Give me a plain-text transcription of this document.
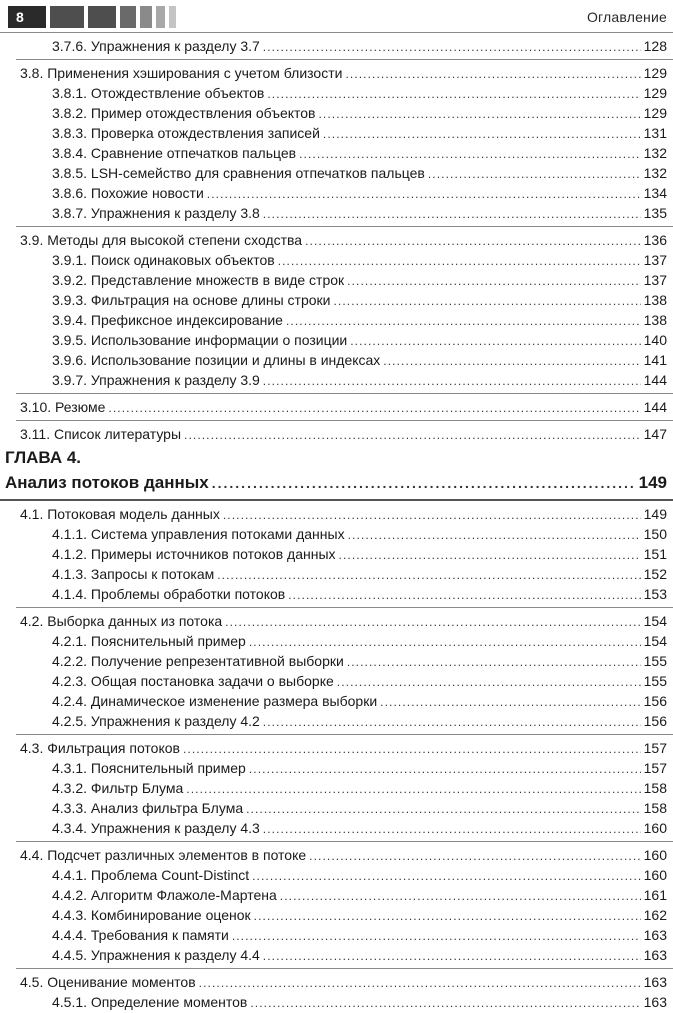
8	Оглавление
3.7.6. Упражнения к разделу 3.7 .....	128
3.8. Применения хэширования с учетом близости .....	129
3.8.1. Отождествление объектов .....	129
3.8.2. Пример отождествления объектов .....	129
3.8.3. Проверка отождествления записей .....	131
3.8.4. Сравнение отпечатков пальцев .....	132
3.8.5. LSH-семейство для сравнения отпечатков пальцев .....	132
3.8.6. Похожие новости .....	134
3.8.7. Упражнения к разделу 3.8 .....	135
3.9. Методы для высокой степени сходства .....	136
3.9.1. Поиск одинаковых объектов .....	137
3.9.2. Представление множеств в виде строк .....	137
3.9.3. Фильтрация на основе длины строки .....	138
3.9.4. Префиксное индексирование .....	138
3.9.5. Использование информации о позиции .....	140
3.9.6. Использование позиции и длины в индексах .....	141
3.9.7. Упражнения к разделу 3.9 .....	144
3.10. Резюме .....	144
3.11. Список литературы .....	147
ГЛАВА 4.
Анализ потоков данных .....	149
4.1. Потоковая модель данных .....	149
4.1.1. Система управления потоками данных .....	150
4.1.2. Примеры источников потоков данных .....	151
4.1.3. Запросы к потокам .....	152
4.1.4. Проблемы обработки потоков .....	153
4.2. Выборка данных из потока .....	154
4.2.1. Пояснительный пример .....	154
4.2.2. Получение репрезентативной выборки .....	155
4.2.3. Общая постановка задачи о выборке .....	155
4.2.4. Динамическое изменение размера выборки .....	156
4.2.5. Упражнения к разделу 4.2 .....	156
4.3. Фильтрация потоков .....	157
4.3.1. Пояснительный пример .....	157
4.3.2. Фильтр Блума .....	158
4.3.3. Анализ фильтра Блума .....	158
4.3.4. Упражнения к разделу 4.3 .....	160
4.4. Подсчет различных элементов в потоке .....	160
4.4.1. Проблема Count-Distinct .....	160
4.4.2. Алгоритм Флажоле-Мартена .....	161
4.4.3. Комбинирование оценок .....	162
4.4.4. Требования к памяти .....	163
4.4.5. Упражнения к разделу 4.4 .....	163
4.5. Оценивание моментов .....	163
4.5.1. Определение моментов .....	163
